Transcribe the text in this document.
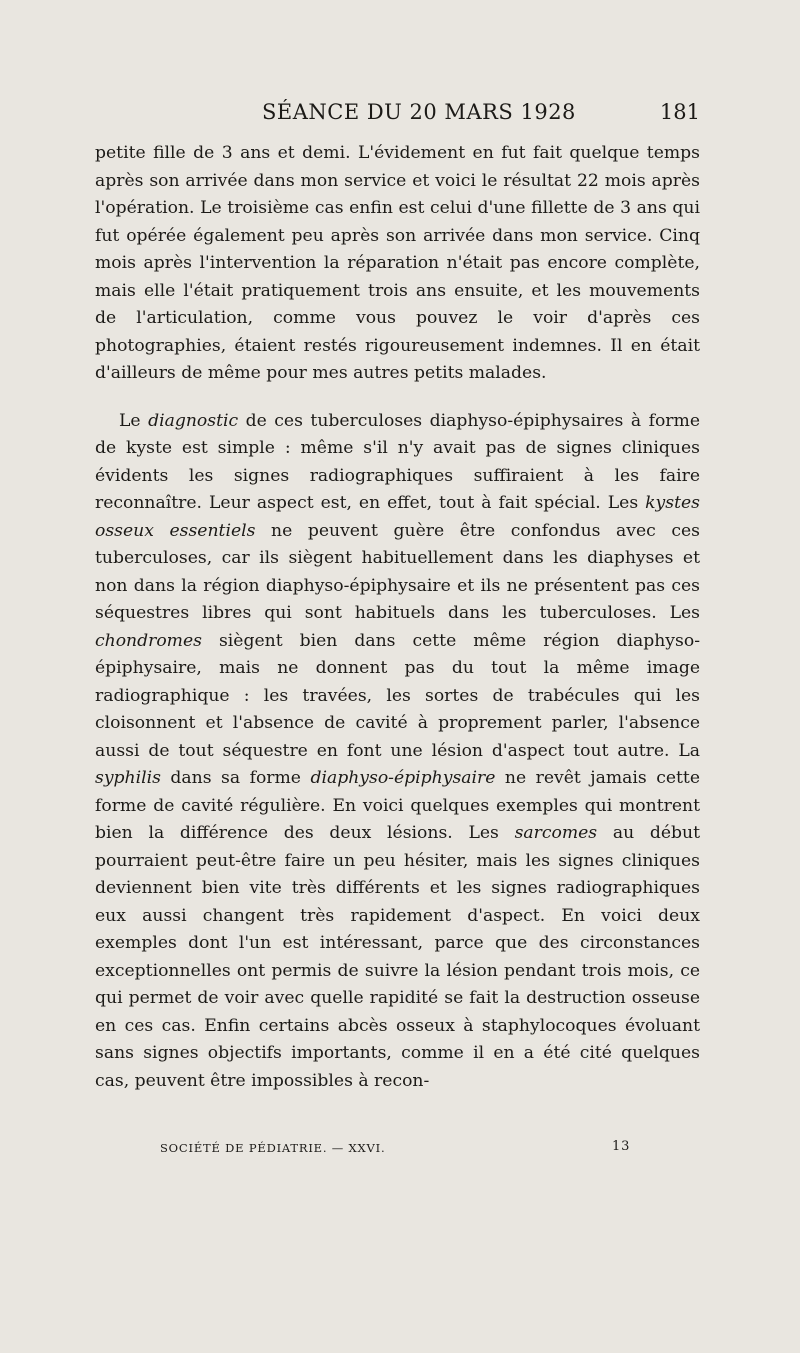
SÉANCE DU 20 MARS 1928	181

petite fille de 3 ans et demi. L'évidement en fut fait quelque temps après son arrivée dans mon service et voici le résultat 22 mois après l'opération. Le troisième cas enfin est celui d'une fillette de 3 ans qui fut opérée également peu après son arrivée dans mon service. Cinq mois après l'intervention la réparation n'était pas encore complète, mais elle l'était pratiquement trois ans ensuite, et les mouvements de l'articulation, comme vous pouvez le voir d'après ces photographies, étaient restés rigoureusement indemnes. Il en était d'ailleurs de même pour mes autres petits malades.

Le diagnostic de ces tuberculoses diaphyso-épiphysaires à forme de kyste est simple : même s'il n'y avait pas de signes cliniques évidents les signes radiographiques suffiraient à les faire reconnaître. Leur aspect est, en effet, tout à fait spécial. Les kystes osseux essentiels ne peuvent guère être confondus avec ces tuberculoses, car ils siègent habituellement dans les diaphyses et non dans la région diaphyso-épiphysaire et ils ne présentent pas ces séquestres libres qui sont habituels dans les tuberculoses. Les chondromes siègent bien dans cette même région diaphyso-épiphysaire, mais ne donnent pas du tout la même image radiographique : les travées, les sortes de trabécules qui les cloisonnent et l'absence de cavité à proprement parler, l'absence aussi de tout séquestre en font une lésion d'aspect tout autre. La syphilis dans sa forme diaphyso-épiphysaire ne revêt jamais cette forme de cavité régulière. En voici quelques exemples qui montrent bien la différence des deux lésions. Les sarcomes au début pourraient peut-être faire un peu hésiter, mais les signes cliniques deviennent bien vite très différents et les signes radiographiques eux aussi changent très rapidement d'aspect. En voici deux exemples dont l'un est intéressant, parce que des circonstances exceptionnelles ont permis de suivre la lésion pendant trois mois, ce qui permet de voir avec quelle rapidité se fait la destruction osseuse en ces cas. Enfin certains abcès osseux à staphylocoques évoluant sans signes objectifs importants, comme il en a été cité quelques cas, peuvent être impossibles à recon-

SOCIÉTÉ DE PÉDIATRIE. — XXVI.	13
